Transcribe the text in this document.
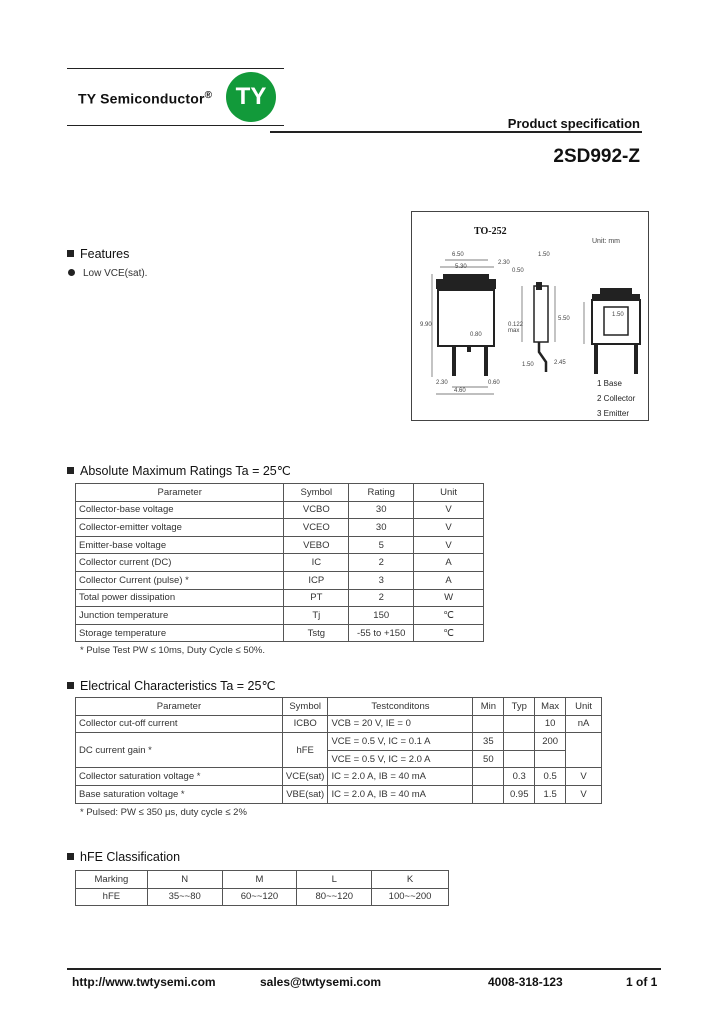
TY Semiconductor® TY
Product specification
2SD992-Z
TO-252
Unit: mm
6.50
5.30
2.30
0.50
0.122 max
5.50
9.90
1.50
4.60
2.30	0.60
0.80
1.50	2.45
1.50
1 Base
2 Collector
3 Emitter
Features
Low VCE(sat).
Absolute Maximum Ratings Ta = 25℃
Parameter	Symbol	Rating	Unit
Collector-base voltage	VCBO	30	V
Collector-emitter voltage	VCEO	30	V
Emitter-base voltage	VEBO	5	V
Collector current (DC)	IC	2	A
Collector Current (pulse) *	ICP	3	A
Total power dissipation	PT	2	W
Junction temperature	Tj	150	℃
Storage temperature	Tstg	-55 to +150	℃
* Pulse Test PW ≤ 10ms, Duty Cycle ≤ 50%.
Electrical Characteristics Ta = 25℃
Parameter	Symbol	Testconditons	Min	Typ	Max	Unit
Collector cut-off current	ICBO	VCB = 20 V, IE = 0			10	nA
DC current gain *	hFE	VCE = 0.5 V, IC = 0.1 A	35		200	
		VCE = 0.5 V, IC = 2.0 A	50			
Collector saturation voltage *	VCE(sat)	IC = 2.0 A, IB = 40 mA		0.3	0.5	V
Base saturation voltage *	VBE(sat)	IC = 2.0 A, IB = 40 mA		0.95	1.5	V
* Pulsed: PW ≤ 350 μs, duty cycle ≤ 2%
hFE Classification
Marking	N	M	L	K
hFE	35~~80	60~~120	80~~120	100~~200
http://www.twtysemi.com	sales@twtysemi.com	4008-318-123	1 of 1
